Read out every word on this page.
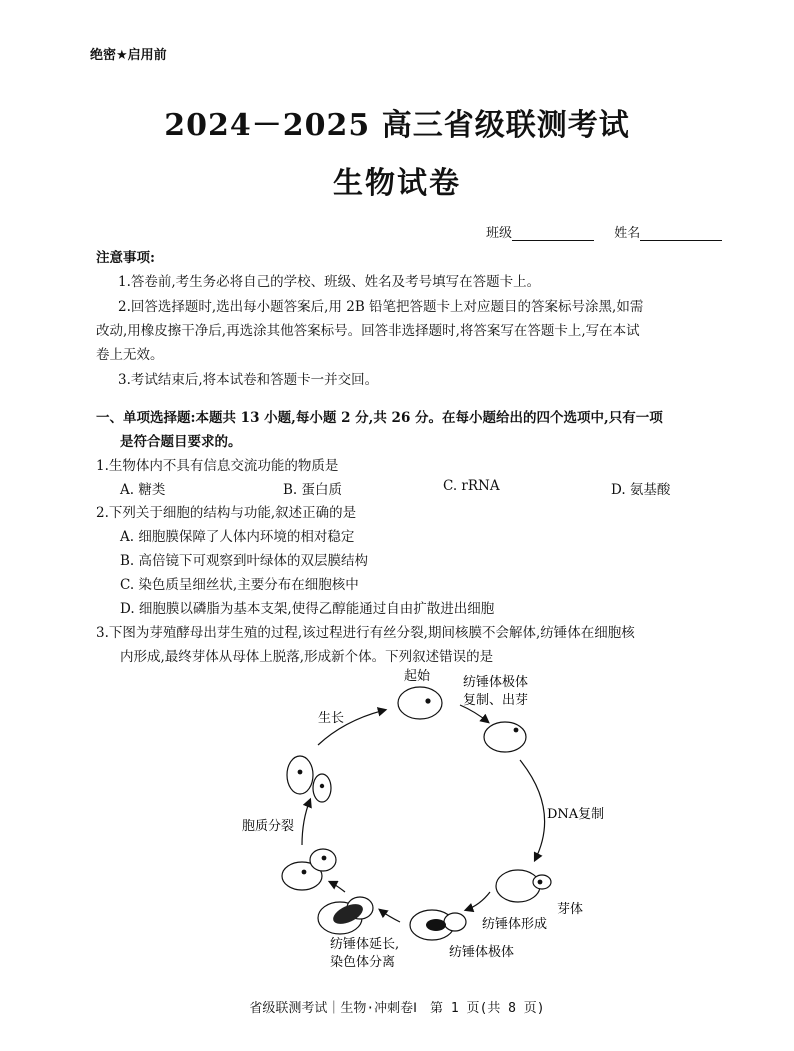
绝密★启用前
2024－2025 高三省级联测考试
生物试卷
班级	姓名
注意事项:
1.答卷前,考生务必将自己的学校、班级、姓名及考号填写在答题卡上。
2.回答选择题时,选出每小题答案后,用 2B 铅笔把答题卡上对应题目的答案标号涂黑,如需
改动,用橡皮擦干净后,再选涂其他答案标号。回答非选择题时,将答案写在答题卡上,写在本试
卷上无效。
3.考试结束后,将本试卷和答题卡一并交回。
一、单项选择题:本题共 13 小题,每小题 2 分,共 26 分。在每小题给出的四个选项中,只有一项
是符合题目要求的。
1.生物体内不具有信息交流功能的物质是
A. 糖类	B. 蛋白质	C. rRNA	D. 氨基酸
2.下列关于细胞的结构与功能,叙述正确的是
A. 细胞膜保障了人体内环境的相对稳定
B. 高倍镜下可观察到叶绿体的双层膜结构
C. 染色质呈细丝状,主要分布在细胞核中
D. 细胞膜以磷脂为基本支架,使得乙醇能通过自由扩散进出细胞
3.下图为芽殖酵母出芽生殖的过程,该过程进行有丝分裂,期间核膜不会解体,纺锤体在细胞核
内形成,最终芽体从母体上脱落,形成新个体。下列叙述错误的是
起始	纺锤体极体
复制、出芽
生长
DNA复制
胞质分裂
芽体
纺锤体形成
纺锤体极体
纺锤体延长,
染色体分离
省级联测考试｜生物·冲刺卷Ⅰ　第 1 页(共 8 页)
